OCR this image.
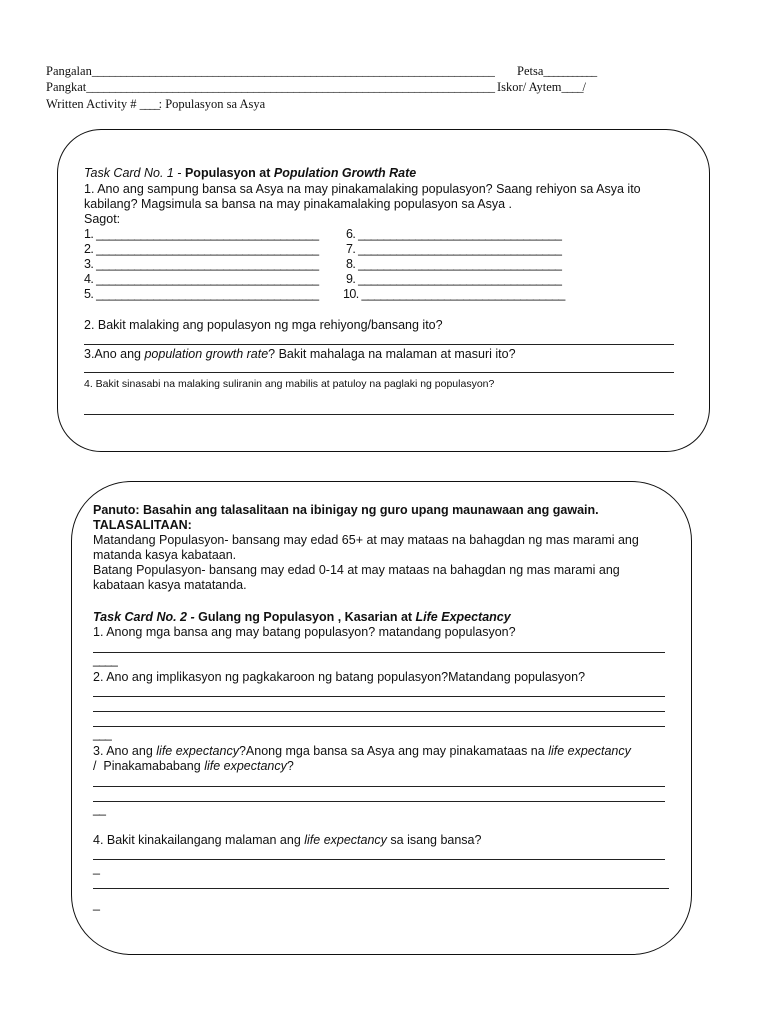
Pangalan______________________________________________________________________ Petsa___________
Pangkat_______________________________________________________________________ Iskor/ Aytem____/
Written Activity # ____: Populasyon sa Asya
Task Card No. 1 - Populasyon at Population Growth Rate
1. Ano ang sampung bansa sa Asya na may pinakamalaking populasyon? Saang rehiyon sa Asya ito
kabilang? Magsimula sa bansa na may pinakamalaking populasyon sa Asya .
Sagot:
1. ___________________________________
2. ___________________________________
3. ___________________________________
4. ___________________________________
5. ___________________________________
6. ________________________________
7. ________________________________
8. ________________________________
9. ________________________________
10. ________________________________
2. Bakit malaking ang populasyon ng mga rehiyong/bansang ito?
3.Ano ang population growth rate? Bakit mahalaga na malaman at masuri ito?
4. Bakit sinasabi na malaking suliranin ang mabilis at patuloy na paglaki ng populasyon?
Panuto: Basahin ang talasalitaan na ibinigay ng guro upang maunawaan ang gawain.
TALASALITAAN:
Matandang Populasyon- bansang may edad 65+ at may mataas na bahagdan ng mas marami ang
matanda kasya kabataan.
Batang Populasyon- bansang may edad 0-14 at may mataas na bahagdan ng mas marami ang
kabataan kasya matatanda.
Task Card No. 2 - Gulang ng Populasyon , Kasarian at Life Expectancy
1. Anong mga bansa ang may batang populasyon? matandang populasyon?
____
2. Ano ang implikasyon ng pagkakaroon ng batang populasyon?Matandang populasyon?
___
3. Ano ang life expectancy?Anong mga bansa sa Asya ang may pinakamataas na life expectancy
/  Pinakamababang life expectancy?
__
4. Bakit kinakailangang malaman ang life expectancy sa isang bansa?
_
_
